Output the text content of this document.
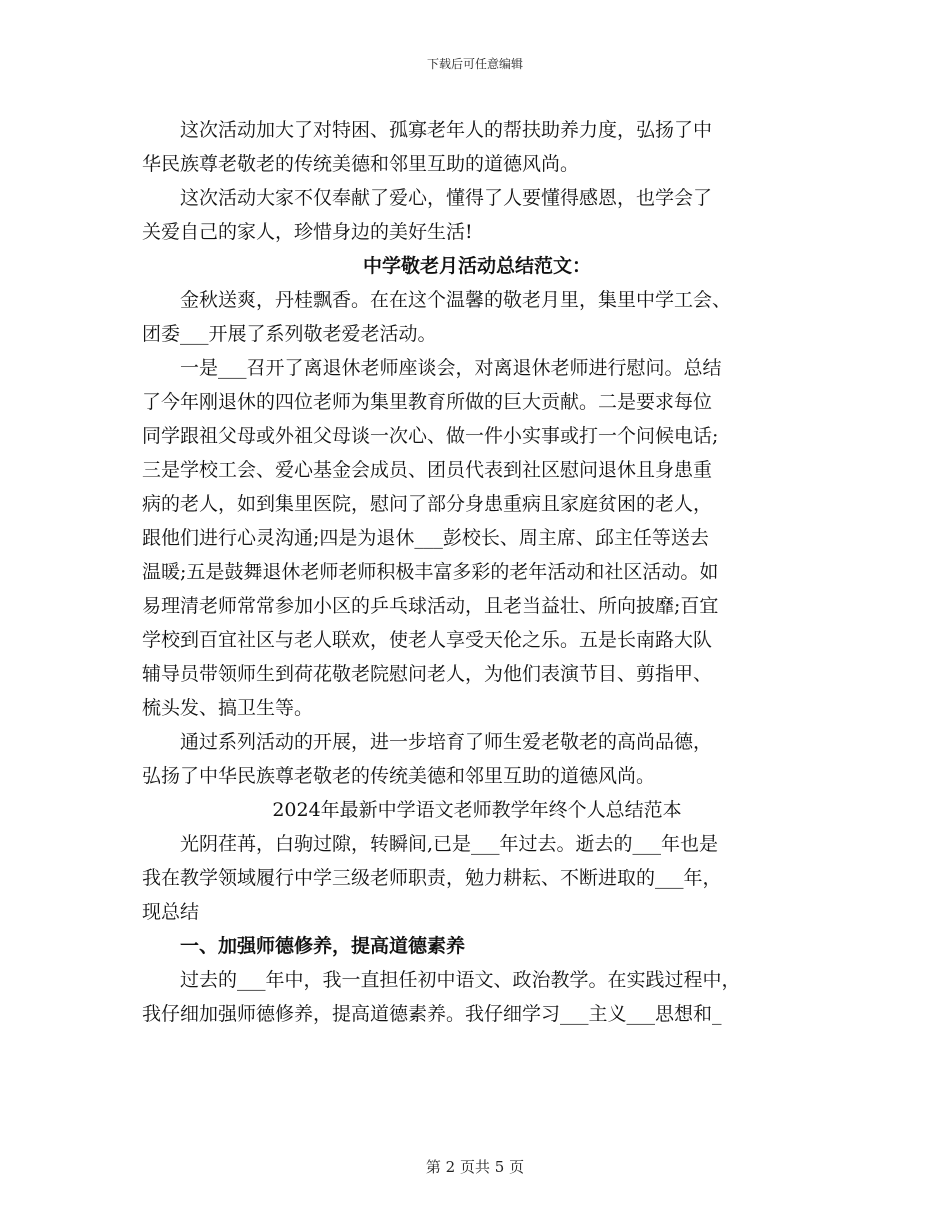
下载后可任意编辑

这次活动加大了对特困、孤寡老年人的帮扶助养力度，弘扬了中
华民族尊老敬老的传统美德和邻里互助的道德风尚。

这次活动大家不仅奉献了爱心，懂得了人要懂得感恩，也学会了
关爱自己的家人，珍惜身边的美好生活!

中学敬老月活动总结范文：

金秋送爽，丹桂飘香。在在这个温馨的敬老月里，集里中学工会、
团委___开展了系列敬老爱老活动。

一是___召开了离退休老师座谈会，对离退休老师进行慰问。总结
了今年刚退休的四位老师为集里教育所做的巨大贡献。二是要求每位
同学跟祖父母或外祖父母谈一次心、做一件小实事或打一个问候电话;
三是学校工会、爱心基金会成员、团员代表到社区慰问退休且身患重
病的老人，如到集里医院，慰问了部分身患重病且家庭贫困的老人，
跟他们进行心灵沟通;四是为退休___彭校长、周主席、邱主任等送去
温暖;五是鼓舞退休老师老师积极丰富多彩的老年活动和社区活动。如
易理清老师常常参加小区的乒乓球活动，且老当益壮、所向披靡;百宜
学校到百宜社区与老人联欢，使老人享受天伦之乐。五是长南路大队
辅导员带领师生到荷花敬老院慰问老人，为他们表演节目、剪指甲、
梳头发、搞卫生等。

通过系列活动的开展，进一步培育了师生爱老敬老的高尚品德，
弘扬了中华民族尊老敬老的传统美德和邻里互助的道德风尚。

2024年最新中学语文老师教学年终个人总结范本

光阴荏苒，白驹过隙，转瞬间,已是___年过去。逝去的___年也是
我在教学领域履行中学三级老师职责，勉力耕耘、不断进取的___年，
现总结

一、加强师德修养，提高道德素养

过去的___年中，我一直担任初中语文、政治教学。在实践过程中，
我仔细加强师德修养，提高道德素养。我仔细学习___主义___思想和_

第 2 页共 5 页
